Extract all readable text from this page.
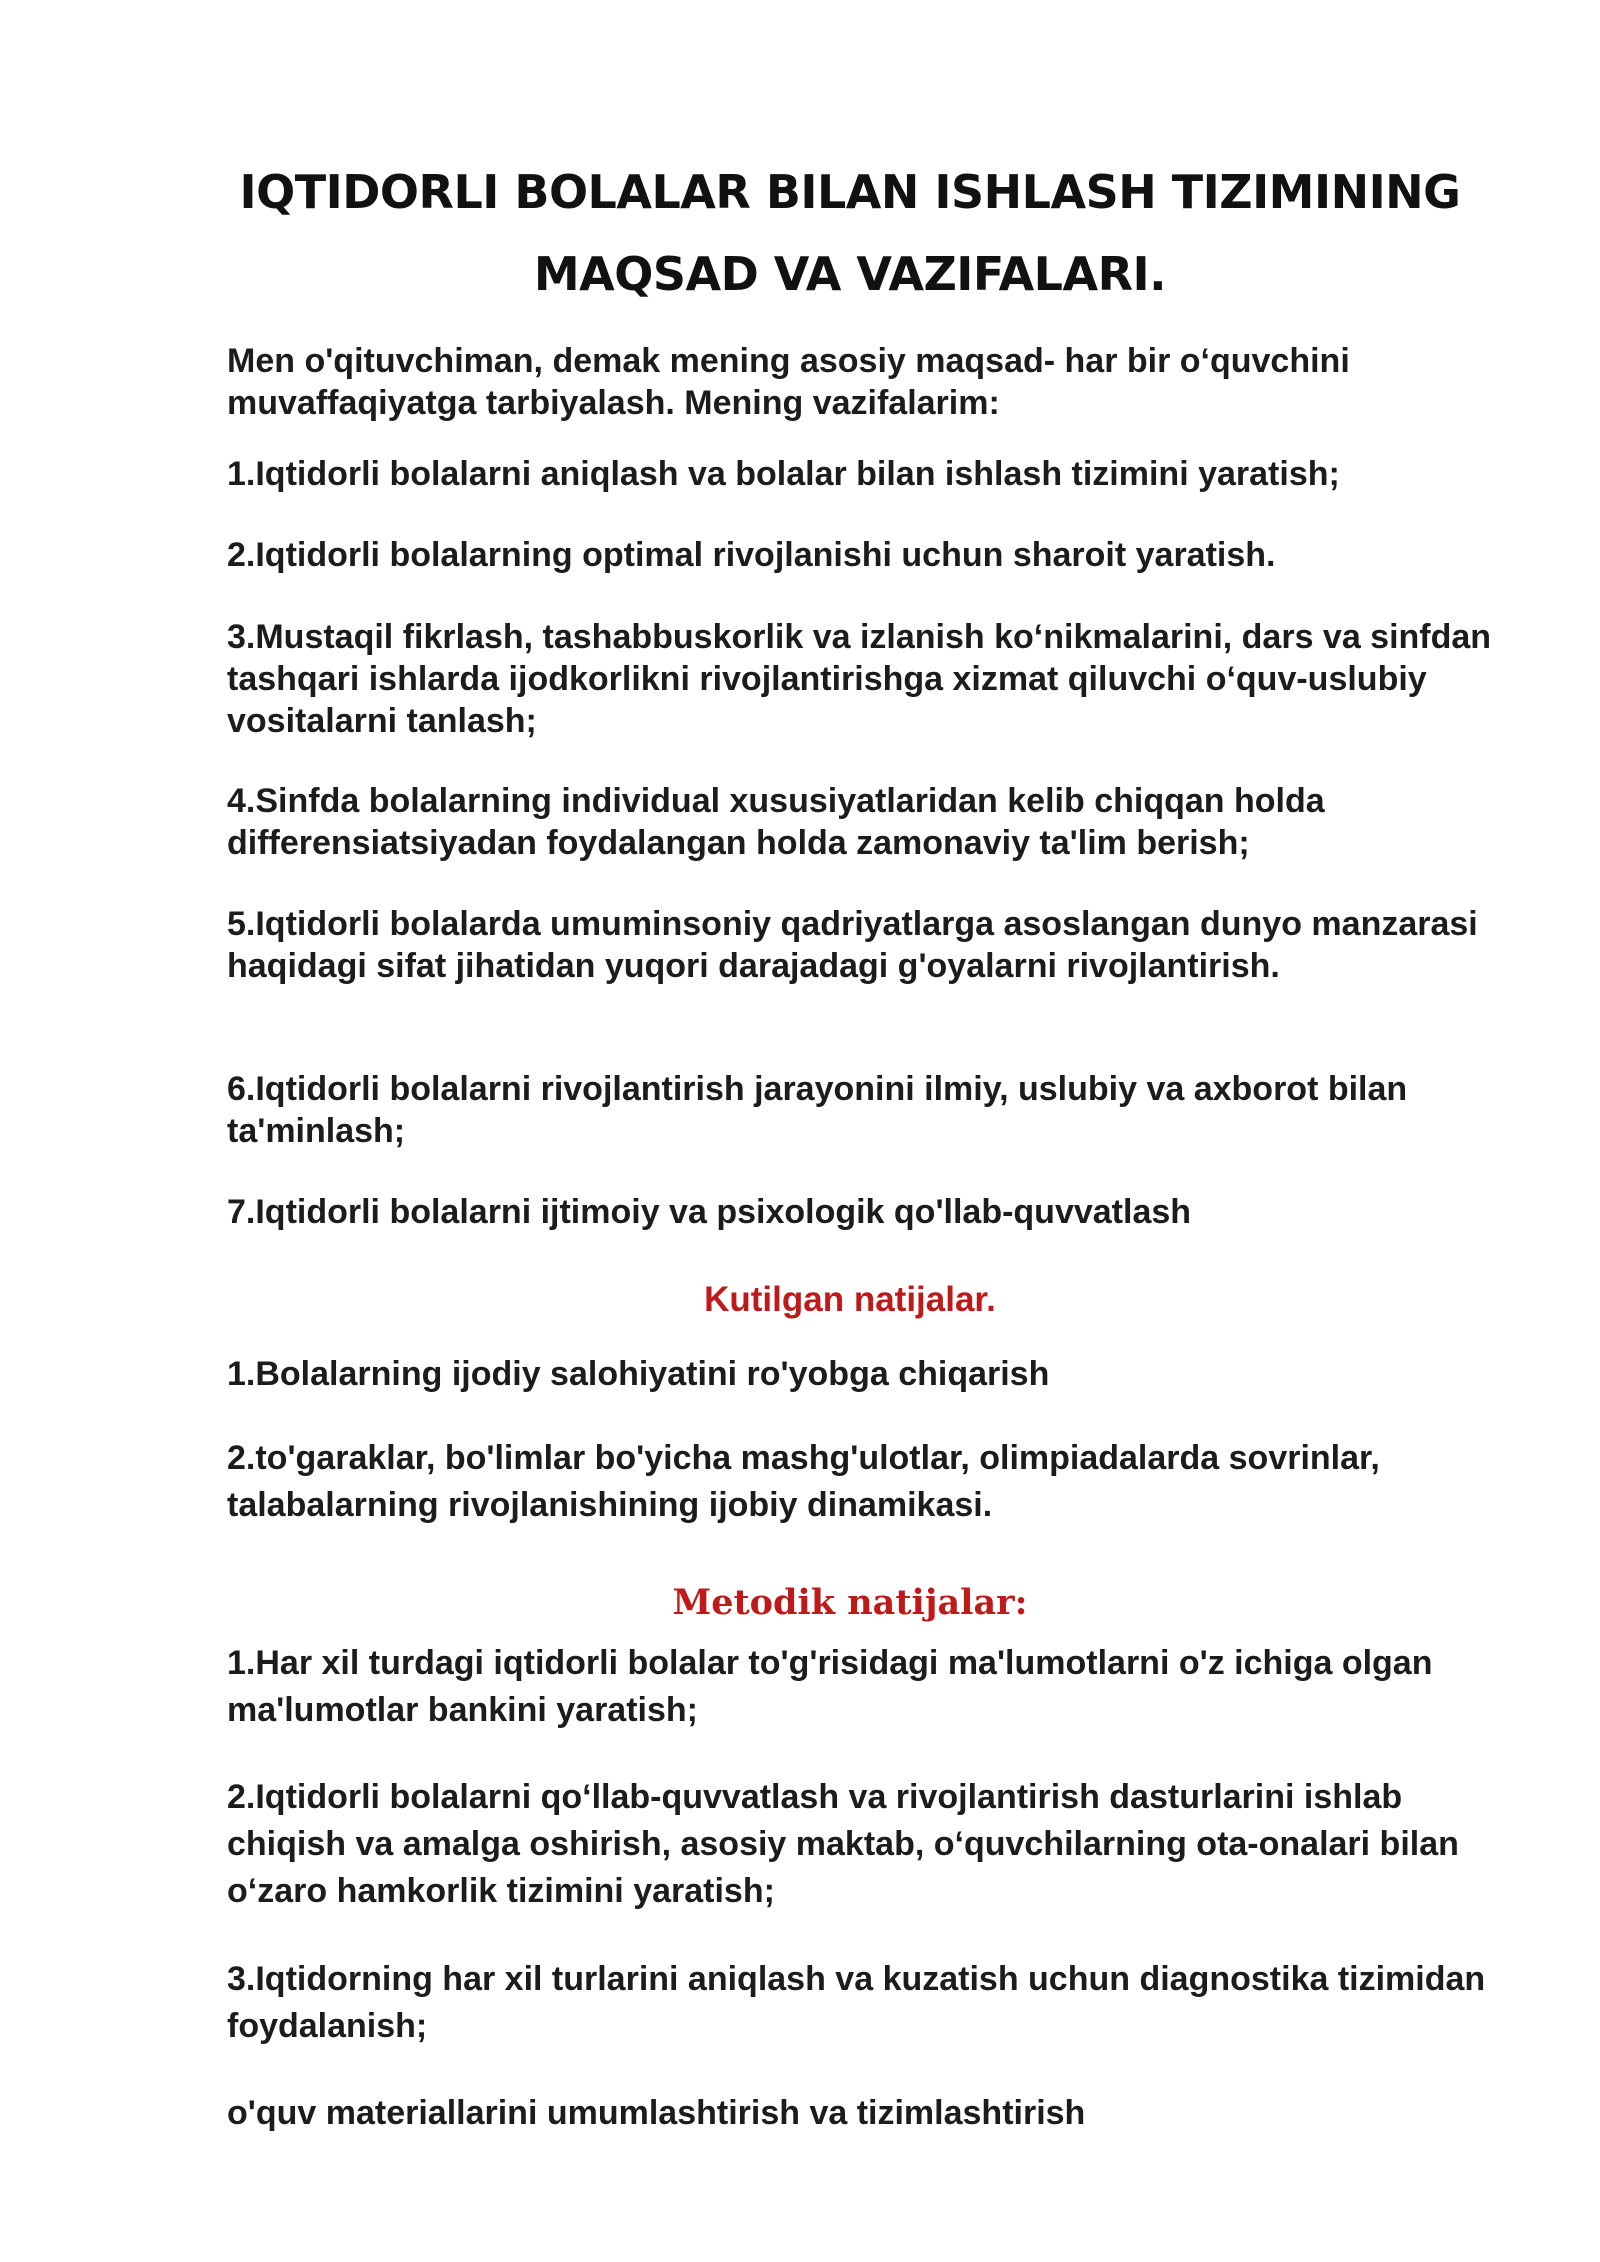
IQTIDORLI BOLALAR BILAN ISHLASH TIZIMINING
MAQSAD VA VAZIFALARI.

Men o'qituvchiman, demak mening asosiy maqsad- har bir o‘quvchini muvaffaqiyatga tarbiyalash. Mening vazifalarim:

1.Iqtidorli bolalarni aniqlash va bolalar bilan ishlash tizimini yaratish;

2.Iqtidorli bolalarning optimal rivojlanishi uchun sharoit yaratish.

3.Mustaqil fikrlash, tashabbuskorlik va izlanish ko‘nikmalarini, dars va sinfdan tashqari ishlarda ijodkorlikni rivojlantirishga xizmat qiluvchi o‘quv-uslubiy vositalarni tanlash;

4.Sinfda bolalarning individual xususiyatlaridan kelib chiqqan holda differensiatsiyadan foydalangan holda zamonaviy ta'lim berish;

5.Iqtidorli bolalarda umuminsoniy qadriyatlarga asoslangan dunyo manzarasi haqidagi sifat jihatidan yuqori darajadagi g'oyalarni rivojlantirish.

6.Iqtidorli bolalarni rivojlantirish jarayonini ilmiy, uslubiy va axborot bilan ta'minlash;

7.Iqtidorli bolalarni ijtimoiy va psixologik qo'llab-quvvatlash

Kutilgan natijalar.

1.Bolalarning ijodiy salohiyatini ro'yobga chiqarish

2.to'garaklar, bo'limlar bo'yicha mashg'ulotlar, olimpiadalarda sovrinlar, talabalarning rivojlanishining ijobiy dinamikasi.

Metodik natijalar:

1.Har xil turdagi iqtidorli bolalar to'g'risidagi ma'lumotlarni o'z ichiga olgan ma'lumotlar bankini yaratish;

2.Iqtidorli bolalarni qo‘llab-quvvatlash va rivojlantirish dasturlarini ishlab chiqish va amalga oshirish, asosiy maktab, o‘quvchilarning ota-onalari bilan o‘zaro hamkorlik tizimini yaratish;

3.Iqtidorning har xil turlarini aniqlash va kuzatish uchun diagnostika tizimidan foydalanish;

o'quv materiallarini umumlashtirish va tizimlashtirish
